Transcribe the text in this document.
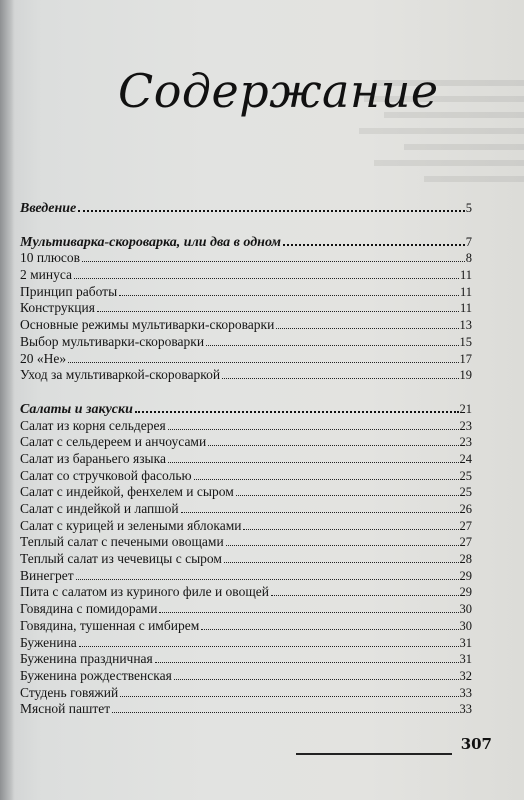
Содержание
Введение	5
Мультиварка-скороварка, или два в одном	7
10 плюсов	8
2 минуса	11
Принцип работы	11
Конструкция	11
Основные режимы мультиварки-скороварки	13
Выбор мультиварки-скороварки	15
20 «Не»	17
Уход за мультиваркой-скороваркой	19
Салаты и закуски	21
Салат из корня сельдерея	23
Салат с сельдереем и анчоусами	23
Салат из бараньего языка	24
Салат со стручковой фасолью	25
Салат с индейкой, фенхелем и сыром	25
Салат с индейкой и лапшой	26
Салат с курицей и зелеными яблоками	27
Теплый салат с печеными овощами	27
Теплый салат из чечевицы с сыром	28
Винегрет	29
Пита с салатом из куриного филе и овощей	29
Говядина с помидорами	30
Говядина, тушенная с имбирем	30
Буженина	31
Буженина праздничная	31
Буженина рождественская	32
Студень говяжий	33
Мясной паштет	33
307
